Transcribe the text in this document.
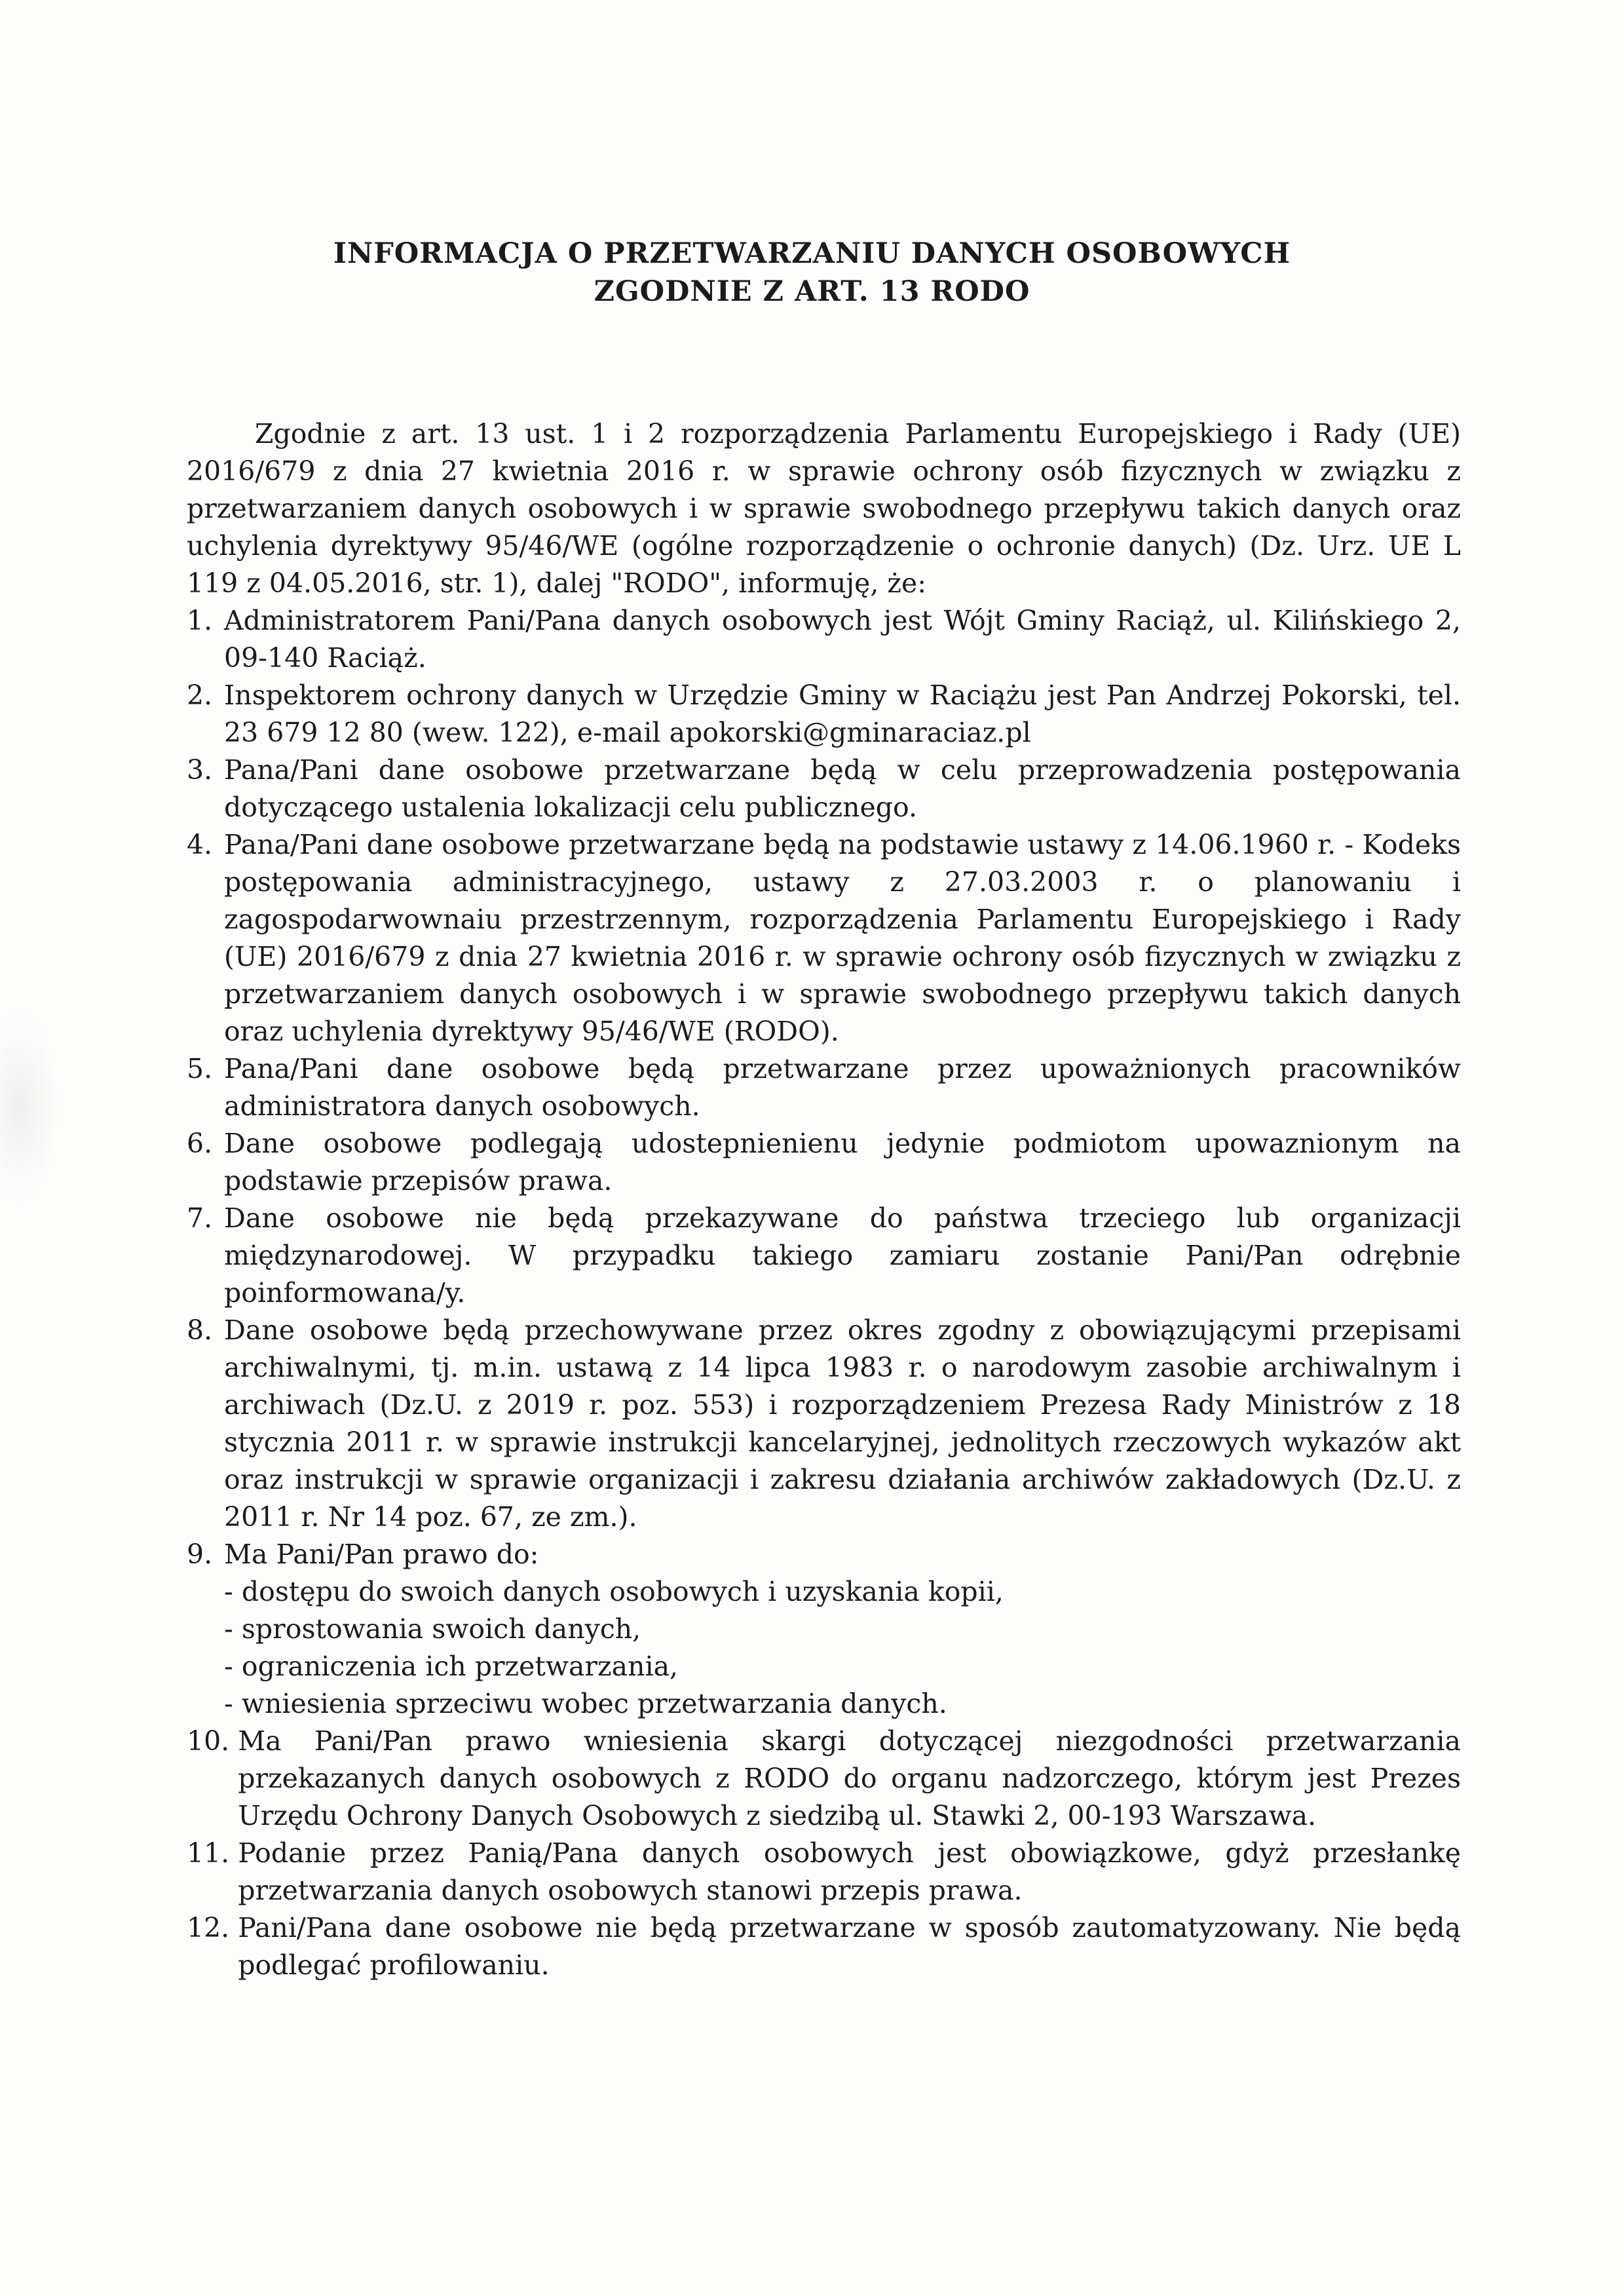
INFORMACJA O PRZETWARZANIU DANYCH OSOBOWYCH
ZGODNIE Z ART. 13 RODO

Zgodnie z art. 13 ust. 1 i 2 rozporządzenia Parlamentu Europejskiego i Rady (UE) 2016/679 z dnia 27 kwietnia 2016 r. w sprawie ochrony osób fizycznych w związku z przetwarzaniem danych osobowych i w sprawie swobodnego przepływu takich danych oraz uchylenia dyrektywy 95/46/WE (ogólne rozporządzenie o ochronie danych) (Dz. Urz. UE L 119 z 04.05.2016, str. 1), dalej "RODO", informuję, że:

1. Administratorem Pani/Pana danych osobowych jest Wójt Gminy Raciąż, ul. Kilińskiego 2, 09-140 Raciąż.
2. Inspektorem ochrony danych w Urzędzie Gminy w Raciążu jest Pan Andrzej Pokorski, tel. 23 679 12 80 (wew. 122), e-mail apokorski@gminaraciaz.pl
3. Pana/Pani dane osobowe przetwarzane będą w celu przeprowadzenia postępowania dotyczącego ustalenia lokalizacji celu publicznego.
4. Pana/Pani dane osobowe przetwarzane będą na podstawie ustawy z 14.06.1960 r. - Kodeks postępowania administracyjnego, ustawy z 27.03.2003 r. o planowaniu i zagospodarwownaiu przestrzennym, rozporządzenia Parlamentu Europejskiego i Rady (UE) 2016/679 z dnia 27 kwietnia 2016 r. w sprawie ochrony osób fizycznych w związku z przetwarzaniem danych osobowych i w sprawie swobodnego przepływu takich danych oraz uchylenia dyrektywy 95/46/WE (RODO).
5. Pana/Pani dane osobowe będą przetwarzane przez upoważnionych pracowników administratora danych osobowych.
6. Dane osobowe podlegają udostepnienienu jedynie podmiotom upowaznionym na podstawie przepisów prawa.
7. Dane osobowe nie będą przekazywane do państwa trzeciego lub organizacji międzynarodowej. W przypadku takiego zamiaru zostanie Pani/Pan odrębnie poinformowana/y.
8. Dane osobowe będą przechowywane przez okres zgodny z obowiązującymi przepisami archiwalnymi, tj. m.in. ustawą z 14 lipca 1983 r. o narodowym zasobie archiwalnym i archiwach (Dz.U. z 2019 r. poz. 553) i rozporządzeniem Prezesa Rady Ministrów z 18 stycznia 2011 r. w sprawie instrukcji kancelaryjnej, jednolitych rzeczowych wykazów akt oraz instrukcji w sprawie organizacji i zakresu działania archiwów zakładowych (Dz.U. z 2011 r. Nr 14 poz. 67, ze zm.).
9. Ma Pani/Pan prawo do:
- dostępu do swoich danych osobowych i uzyskania kopii,
- sprostowania swoich danych,
- ograniczenia ich przetwarzania,
- wniesienia sprzeciwu wobec przetwarzania danych.
10. Ma Pani/Pan prawo wniesienia skargi dotyczącej niezgodności przetwarzania przekazanych danych osobowych z RODO do organu nadzorczego, którym jest Prezes Urzędu Ochrony Danych Osobowych z siedzibą ul. Stawki 2, 00-193 Warszawa.
11. Podanie przez Panią/Pana danych osobowych jest obowiązkowe, gdyż przesłankę przetwarzania danych osobowych stanowi przepis prawa.
12. Pani/Pana dane osobowe nie będą przetwarzane w sposób zautomatyzowany. Nie będą podlegać profilowaniu.
